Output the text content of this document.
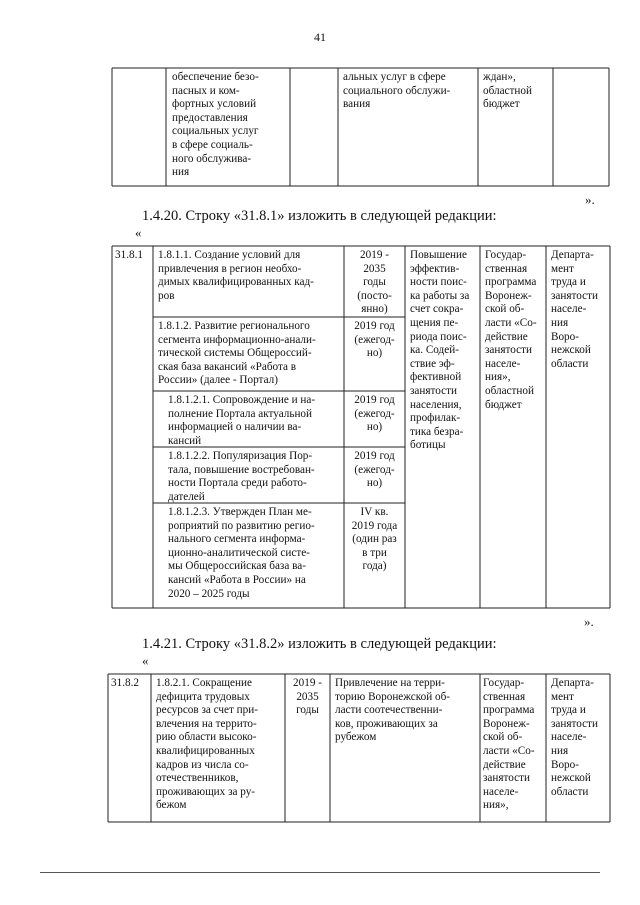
41
обеспечение безо-
пасных и ком-
фортных условий
предоставления
социальных услуг
в сфере социаль-
ного обслужива-
ния
альных услуг в сфере
социального обслужи-
вания
ждан»,
областной
бюджет
».
1.4.20. Строку «31.8.1» изложить в следующей редакции:
«
31.8.1	1.8.1.1. Создание условий для
привлечения в регион необхо-
димых квалифицированных кад-
ров
2019 -
2035
годы
(посто-
янно)
1.8.1.2. Развитие регионального
сегмента информационно-анали-
тической системы Общероссий-
ская база вакансий «Работа в
России» (далее - Портал)
2019 год
(ежегод-
но)
1.8.1.2.1. Сопровождение и на-
полнение Портала актуальной
информацией о наличии ва-
кансий
2019 год
(ежегод-
но)
1.8.1.2.2. Популяризация Пор-
тала, повышение востребован-
ности Портала среди работо-
дателей
2019 год
(ежегод-
но)
1.8.1.2.3. Утвержден План ме-
роприятий по развитию регио-
нального сегмента информа-
ционно-аналитической систе-
мы Общероссийская база ва-
кансий «Работа в России» на
2020 – 2025 годы
IV кв.
2019 года
(один раз
в три
года)
Повышение
эффектив-
ности поис-
ка работы за
счет сокра-
щения пе-
риода поис-
ка. Содей-
ствие эф-
фективной
занятости
населения,
профилак-
тика безра-
ботицы
Государ-
ственная
программа
Воронеж-
ской об-
ласти «Со-
действие
занятости
населе-
ния»,
областной
бюджет
Департа-
мент
труда и
занятости
населе-
ния
Воро-
нежской
области
».
1.4.21. Строку «31.8.2» изложить в следующей редакции:
«
31.8.2	1.8.2.1. Сокращение
дефицита трудовых
ресурсов за счет при-
влечения на террито-
рию области высоко-
квалифицированных
кадров из числа со-
отечественников,
проживающих за ру-
бежом
2019 -
2035
годы
Привлечение на терри-
торию Воронежской об-
ласти соотечественни-
ков, проживающих за
рубежом
Государ-
ственная
программа
Воронеж-
ской об-
ласти «Со-
действие
занятости
населе-
ния»,
Департа-
мент
труда и
занятости
населе-
ния
Воро-
нежской
области
